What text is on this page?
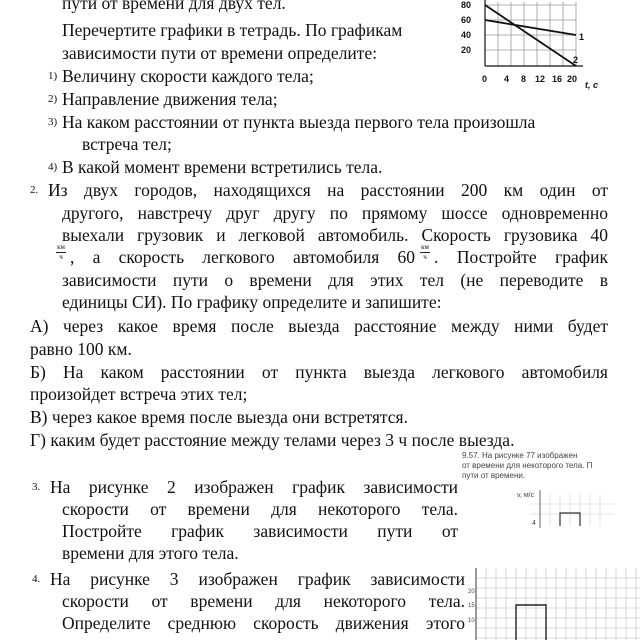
пути от времени для двух тел.
Перечертите графики в тетрадь. По графикам
зависимости пути от времени определите:
1) Величину скорости каждого тела;
2) Направление движения тела;
3) На каком расстоянии от пункта выезда первого тела произошла
встреча тел;
4) В какой момент времени встретились тела.
80
60
40
20
0 4 8 12 16 20
t, c
1
2
2. Из двух городов, находящихся на расстоянии 200 км один от
другого, навстречу друг другу по прямому шоссе одновременно
выехали грузовик и легковой автомобиль. Скорость грузовика 40
км
ч , а скорость легкового автомобиля 60 км
ч . Постройте график
зависимости пути о времени для этих тел (не переводите в
единицы СИ). По графику определите и запишите:
А) через какое время после выезда расстояние между ними будет
равно 100 км.
Б) На каком расстоянии от пункта выезда легкового автомобиля
произойдет встреча этих тел;
В) через какое время после выезда они встретятся.
Г) каким будет расстояние между телами через 3 ч после выезда.
9.57. На рисунке 77 изображен
от времени для некоторого тела. П
пути от времени.
v, м/с
4
3. На рисунке 2 изображен график зависимости
скорости от времени для некоторого тела.
Постройте график зависимости пути от
времени для этого тела.
4. На рисунке 3 изображен график зависимости
скорости от времени для некоторого тела.
Определите среднюю скорость движения этого
20
15
10
